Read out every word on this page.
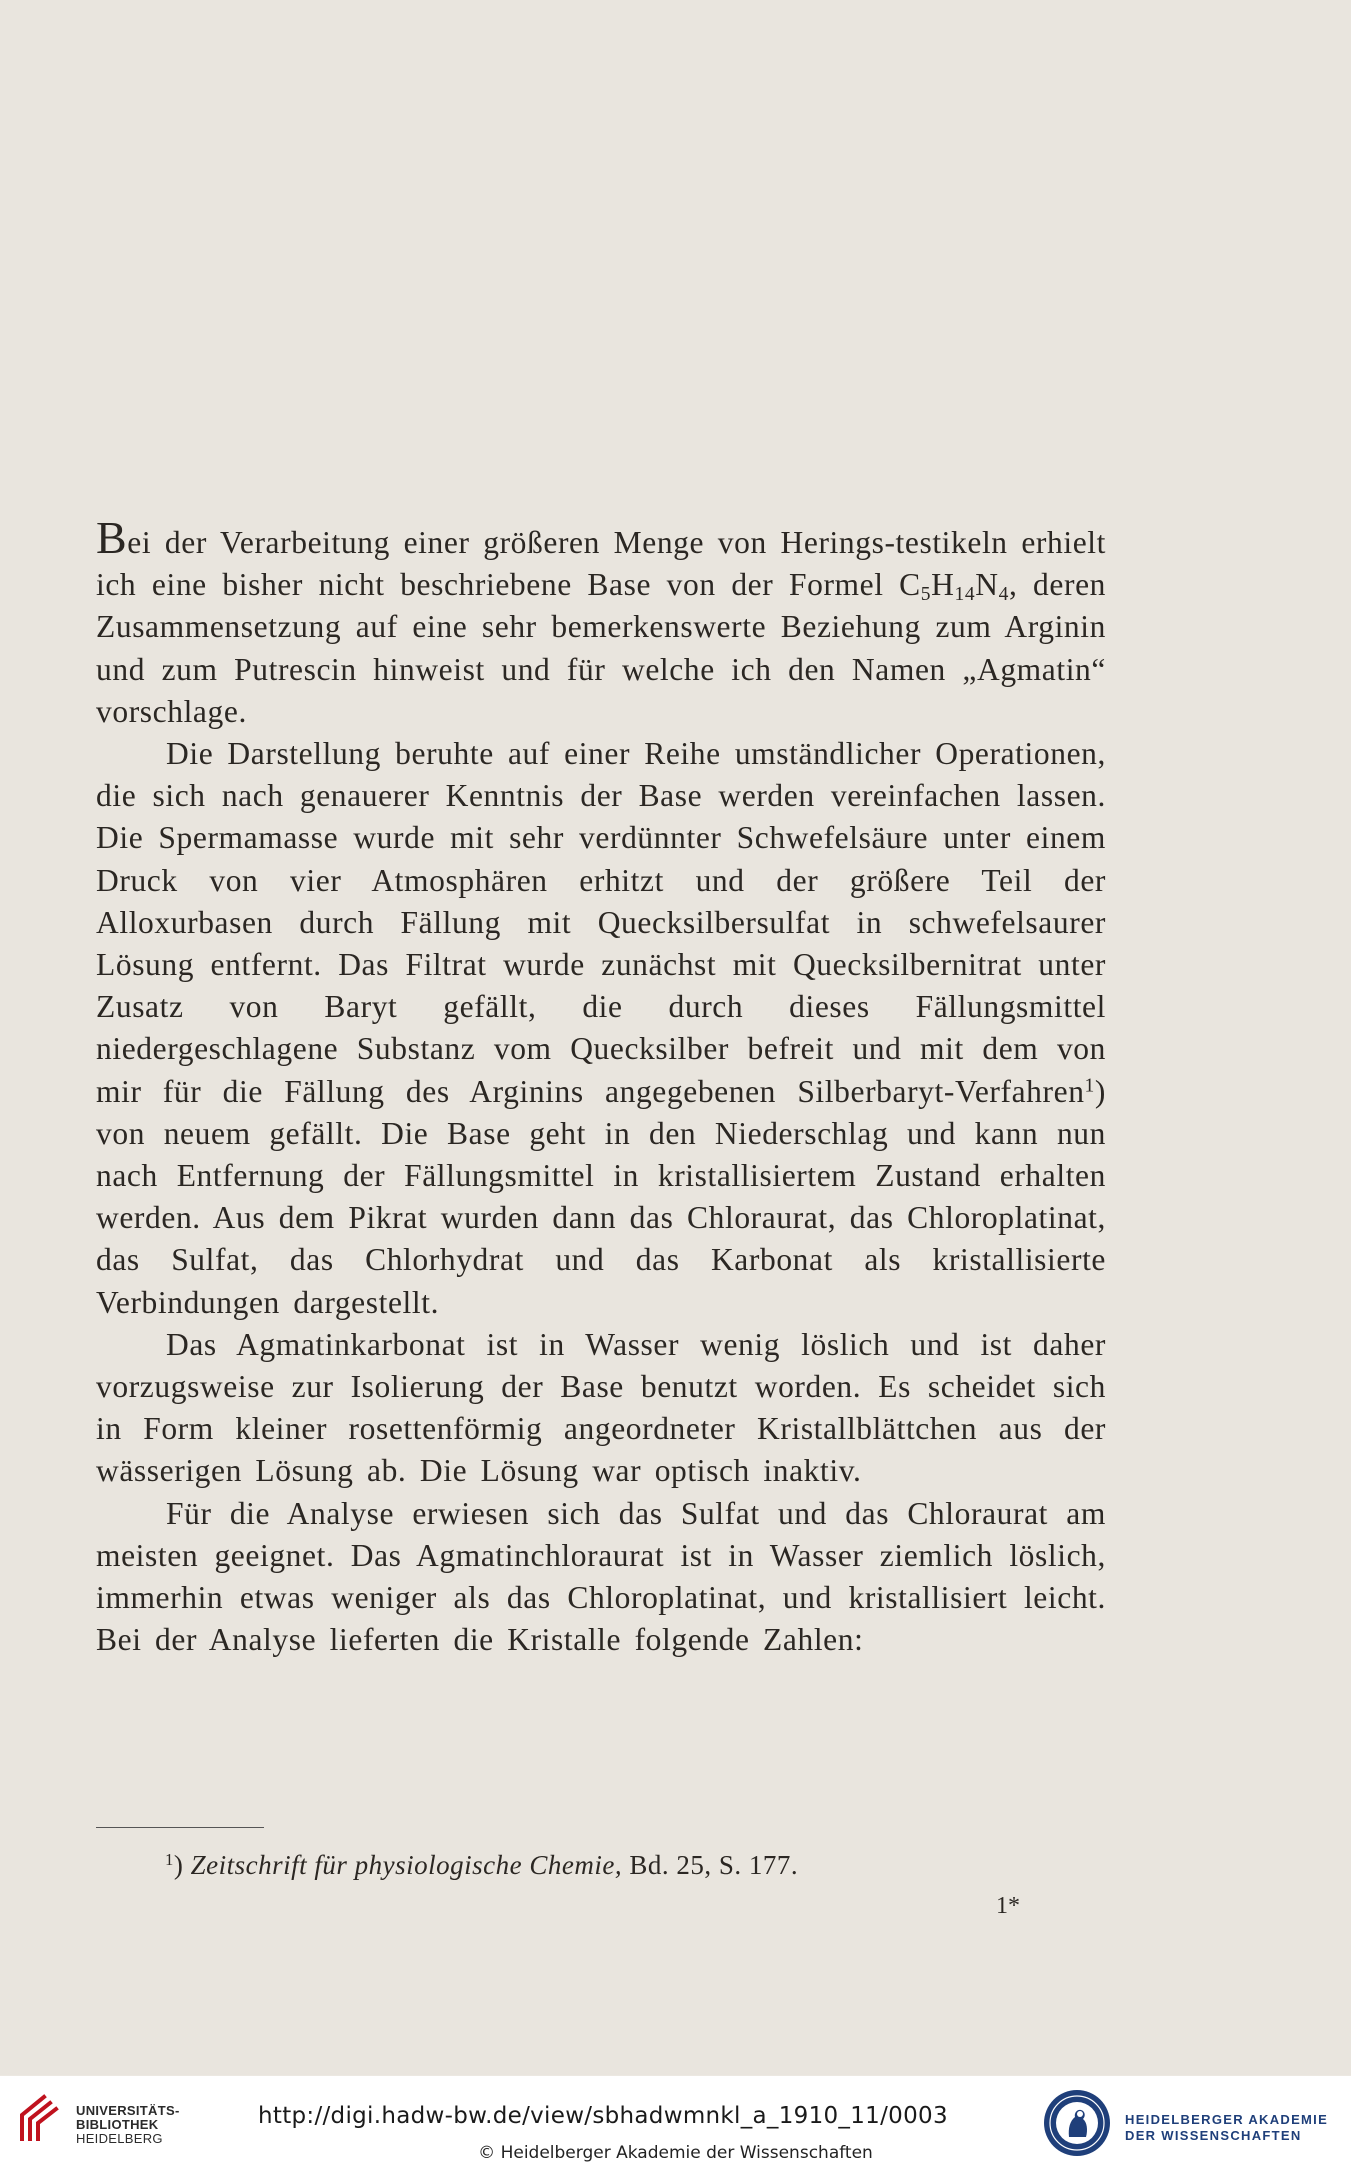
Bei der Verarbeitung einer größeren Menge von Herings-testikeln erhielt ich eine bisher nicht beschriebene Base von der Formel $C_5H_{14}N_4$, deren Zusammensetzung auf eine sehr bemerkenswerte Beziehung zum Arginin und zum Putrescin hinweist und für welche ich den Namen „Agmatin“ vorschlage.

Die Darstellung beruhte auf einer Reihe umständlicher Operationen, die sich nach genauerer Kenntnis der Base werden vereinfachen lassen. Die Spermamasse wurde mit sehr verdünnter Schwefelsäure unter einem Druck von vier Atmosphären erhitzt und der größere Teil der Alloxurbasen durch Fällung mit Quecksilbersulfat in schwefelsaurer Lösung entfernt. Das Filtrat wurde zunächst mit Quecksilbernitrat unter Zusatz von Baryt gefällt, die durch dieses Fällungsmittel niedergeschlagene Substanz vom Quecksilber befreit und mit dem von mir für die Fällung des Arginins angegebenen Silberbaryt-Verfahren$^1$) von neuem gefällt. Die Base geht in den Niederschlag und kann nun nach Entfernung der Fällungsmittel in kristallisiertem Zustand erhalten werden. Aus dem Pikrat wurden dann das Chloraurat, das Chloroplatinat, das Sulfat, das Chlorhydrat und das Karbonat als kristallisierte Verbindungen dargestellt.

Das Agmatinkarbonat ist in Wasser wenig löslich und ist daher vorzugsweise zur Isolierung der Base benutzt worden. Es scheidet sich in Form kleiner rosettenförmig angeordneter Kristallblättchen aus der wässerigen Lösung ab. Die Lösung war optisch inaktiv.

Für die Analyse erwiesen sich das Sulfat und das Chloraurat am meisten geeignet. Das Agmatinchloraurat ist in Wasser ziemlich löslich, immerhin etwas weniger als das Chloroplatinat, und kristallisiert leicht. Bei der Analyse lieferten die Kristalle folgende Zahlen:

$^1$) Zeitschrift für physiologische Chemie, Bd. 25, S. 177.
1*
UNIVERSITÄTS-
BIBLIOTHEK
HEIDELBERG
http://digi.hadw-bw.de/view/sbhadwmnkl_a_1910_11/0003
© Heidelberger Akademie der Wissenschaften
HEIDELBERGER AKADEMIE
DER WISSENSCHAFTEN
